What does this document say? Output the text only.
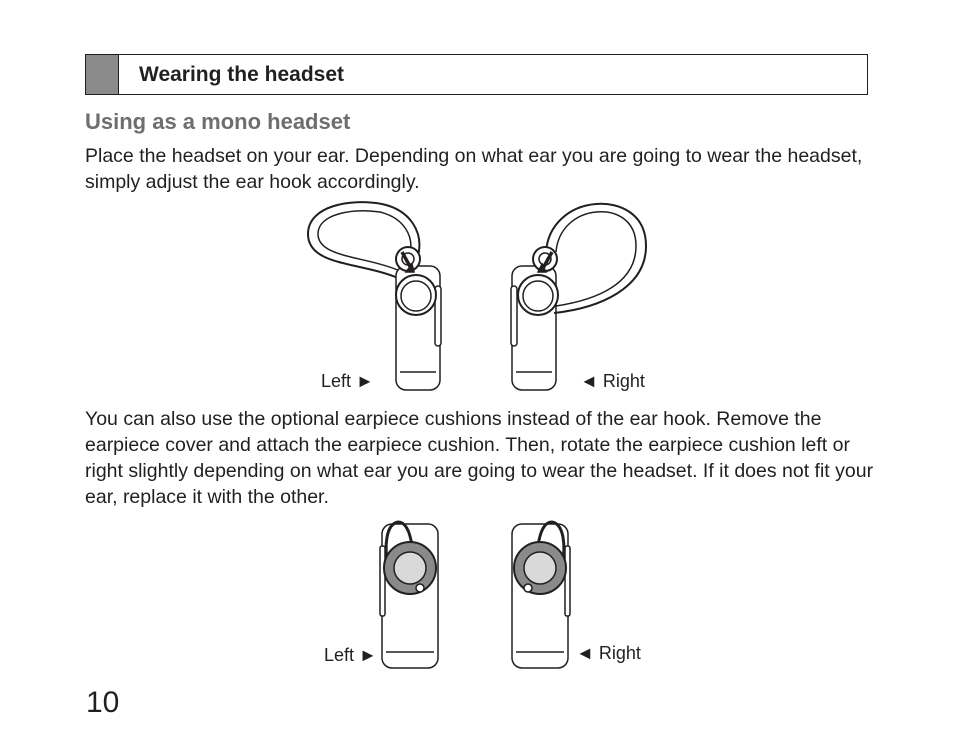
Wearing the headset
Using as a mono headset
Place the headset on your ear. Depending on what ear you are going to wear the headset, simply adjust the ear hook accordingly.
Left ►	◄ Right
You can also use the optional earpiece cushions instead of the ear hook. Remove the earpiece cover and attach the earpiece cushion. Then, rotate the earpiece cushion left or right slightly depending on what ear you are going to wear the headset. If it does not fit your ear, replace it with the other.
Left ►	◄ Right
10
